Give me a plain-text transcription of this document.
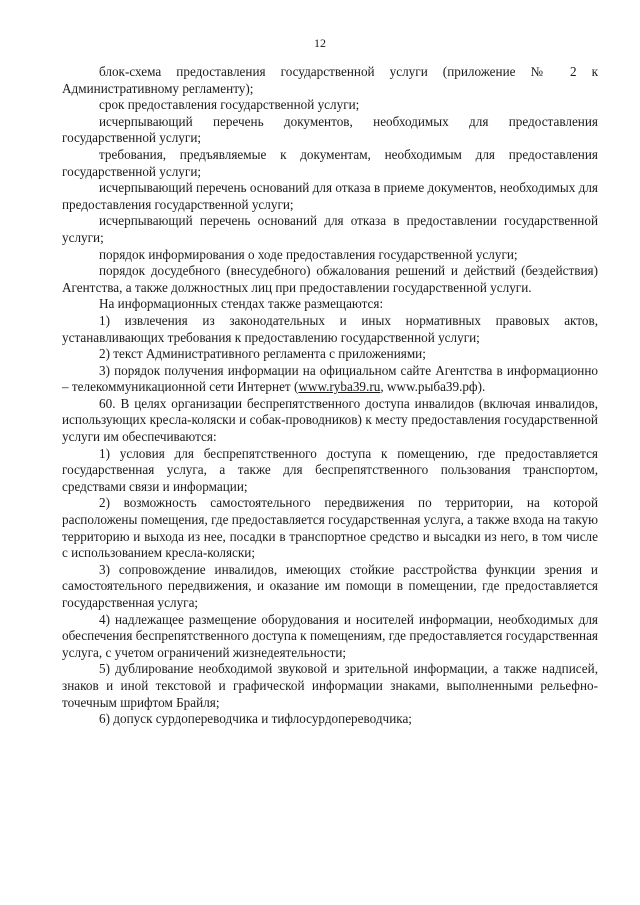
12

блок-схема предоставления государственной услуги (приложение № 2 к Административному регламенту);

срок предоставления государственной услуги;

исчерпывающий перечень документов, необходимых для предоставления государственной услуги;

требования, предъявляемые к документам, необходимым для предоставления государственной услуги;

исчерпывающий перечень оснований для отказа в приеме документов, необходимых для предоставления государственной услуги;

исчерпывающий перечень оснований для отказа в предоставлении государственной услуги;

порядок информирования о ходе предоставления государственной услуги;

порядок досудебного (внесудебного) обжалования решений и действий (бездействия) Агентства, а также должностных лиц при предоставлении государственной услуги.

На информационных стендах также размещаются:

1) извлечения из законодательных и иных нормативных правовых актов, устанавливающих требования к предоставлению государственной услуги;

2) текст Административного регламента с приложениями;

3) порядок получения информации на официальном сайте Агентства в информационно – телекоммуникационной сети Интернет (www.ryba39.ru, www.рыба39.рф).

60. В целях организации беспрепятственного доступа инвалидов (включая инвалидов, использующих кресла-коляски и собак-проводников) к месту предоставления государственной услуги им обеспечиваются:

1) условия для беспрепятственного доступа к помещению, где предоставляется государственная услуга, а также для беспрепятственного пользования транспортом, средствами связи и информации;

2) возможность самостоятельного передвижения по территории, на которой расположены помещения, где предоставляется государственная услуга, а также входа на такую территорию и выхода из нее, посадки в транспортное средство и высадки из него, в том числе с использованием кресла-коляски;

3) сопровождение инвалидов, имеющих стойкие расстройства функции зрения и самостоятельного передвижения, и оказание им помощи в помещении, где предоставляется государственная услуга;

4) надлежащее размещение оборудования и носителей информации, необходимых для обеспечения беспрепятственного доступа к помещениям, где предоставляется государственная услуга, с учетом ограничений жизнедеятельности;

5) дублирование необходимой звуковой и зрительной информации, а также надписей, знаков и иной текстовой и графической информации знаками, выполненными рельефно-точечным шрифтом Брайля;

6) допуск сурдопереводчика и тифлосурдопереводчика;
